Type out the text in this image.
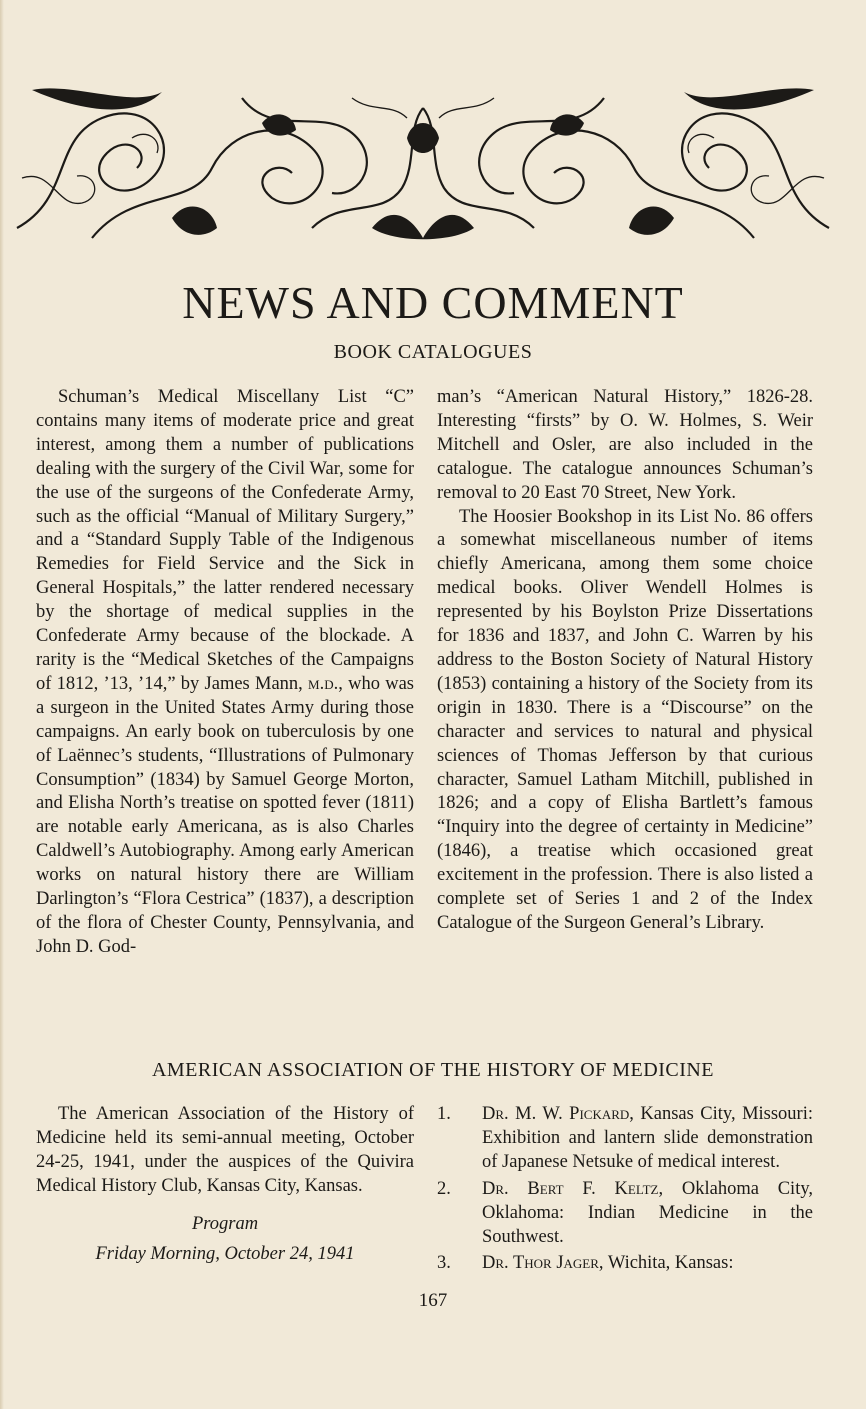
NEWS AND COMMENT
BOOK CATALOGUES

Schuman’s Medical Miscellany List “C” contains many items of moderate price and great interest, among them a number of publications dealing with the surgery of the Civil War, some for the use of the surgeons of the Confederate Army, such as the official “Manual of Military Surgery,” and a “Standard Supply Table of the Indigenous Remedies for Field Service and the Sick in General Hospitals,” the latter rendered necessary by the shortage of medical supplies in the Confederate Army because of the blockade. A rarity is the “Medical Sketches of the Campaigns of 1812, ’13, ’14,” by James Mann, m.d., who was a surgeon in the United States Army during those campaigns. An early book on tuberculosis by one of Laënnec’s students, “Illustrations of Pulmonary Consumption” (1834) by Samuel George Morton, and Elisha North’s treatise on spotted fever (1811) are notable early Americana, as is also Charles Caldwell’s Autobiography. Among early American works on natural history there are William Darlington’s “Flora Cestrica” (1837), a description of the flora of Chester County, Pennsylvania, and John D. God-

man’s “American Natural History,” 1826-28. Interesting “firsts” by O. W. Holmes, S. Weir Mitchell and Osler, are also included in the catalogue. The catalogue announces Schuman’s removal to 20 East 70 Street, New York.

The Hoosier Bookshop in its List No. 86 offers a somewhat miscellaneous number of items chiefly Americana, among them some choice medical books. Oliver Wendell Holmes is represented by his Boylston Prize Dissertations for 1836 and 1837, and John C. Warren by his address to the Boston Society of Natural History (1853) containing a history of the Society from its origin in 1830. There is a “Discourse” on the character and services to natural and physical sciences of Thomas Jefferson by that curious character, Samuel Latham Mitchill, published in 1826; and a copy of Elisha Bartlett’s famous “Inquiry into the degree of certainty in Medicine” (1846), a treatise which occasioned great excitement in the profession. There is also listed a complete set of Series 1 and 2 of the Index Catalogue of the Surgeon General’s Library.

AMERICAN ASSOCIATION OF THE HISTORY OF MEDICINE

The American Association of the History of Medicine held its semi-annual meeting, October 24-25, 1941, under the auspices of the Quivira Medical History Club, Kansas City, Kansas.

Program
Friday Morning, October 24, 1941
1. Dr. M. W. Pickard, Kansas City, Missouri: Exhibition and lantern slide demonstration of Japanese Netsuke of medical interest.
2. Dr. Bert F. Keltz, Oklahoma City, Oklahoma: Indian Medicine in the Southwest.
3. Dr. Thor Jager, Wichita, Kansas:
167
